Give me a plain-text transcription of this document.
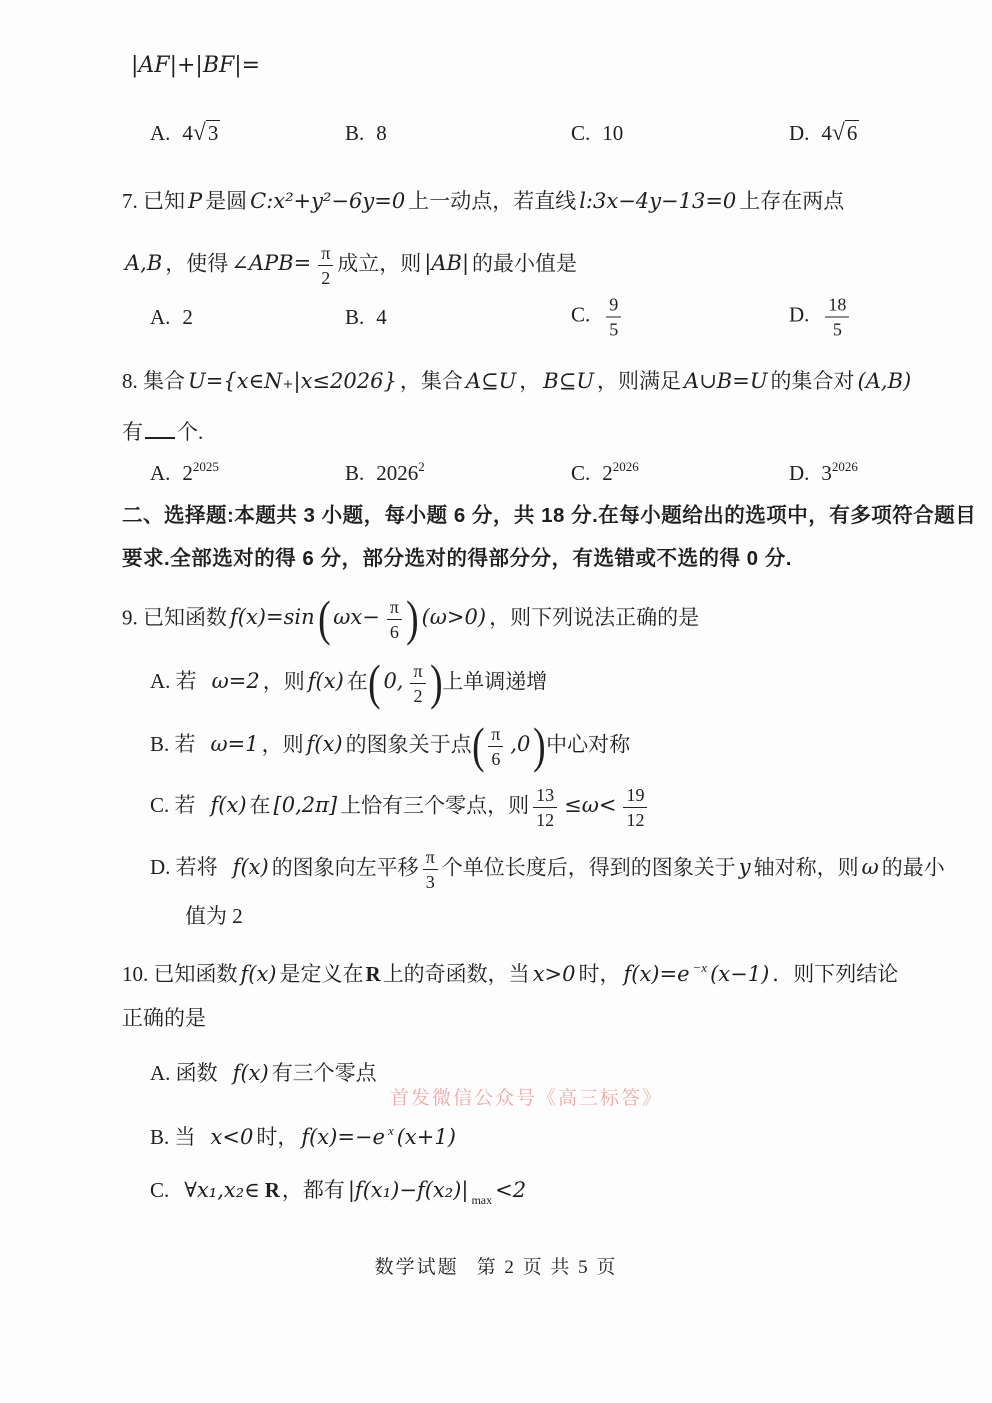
|AF|+|BF|=
A. 4√3	B. 8	C. 10	D. 4√6
7. 已知 P 是圆 C:x²+y²−6y=0 上一动点，若直线 l:3x−4y−13=0 上存在两点
A,B ，使得 ∠APB= $\frac{\pi}{2}$ 成立，则 |AB| 的最小值是
A. 2	B. 4	C. $\frac{9}{5}$	D. $\frac{18}{5}$
8. 集合 U={x∈N₊|x≤2026} ，集合 A⊆U ， B⊆U ，则满足 A∪B=U 的集合对 (A,B)
有 个.
A. $2^{2025}$	B. 2026$^2$	C. $2^{2026}$	D. $3^{2026}$
二、选择题:本题共 3 小题，每小题 6 分，共 18 分.在每小题给出的选项中，有多项符合题目
要求.全部选对的得 6 分，部分选对的得部分分，有选错或不选的得 0 分.
9. 已知函数 f(x)=sin( $\omega x- \frac{\pi}{6}$ ) (ω>0) ，则下列说法正确的是
A. 若 ω=2 ，则 f(x) 在( 0, $\frac{\pi}{2}$ )上单调递增
B. 若 ω=1 ，则 f(x) 的图象关于点( $\frac{\pi}{6} ,0$)中心对称
C. 若 f(x) 在 [0,2π] 上恰有三个零点，则 $\frac{13}{12} \le\omega< \frac{19}{12}$
D. 若将 f(x) 的图象向左平移 $\frac{\pi}{3}$ 个单位长度后，得到的图象关于 y 轴对称，则 ω 的最小
值为 2
10. 已知函数 f(x) 是定义在R上的奇函数，当 x>0 时， f(x)=e $^{-x}$ (x−1) ．则下列结论
正确的是
A. 函数 f(x) 有三个零点
首发微信公众号《高三标答》
B. 当 x<0 时， f(x)=−e $^x$ (x+1)
C. ∀x₁,x₂∈ R，都有 |f(x₁)−f(x₂)| $_{max}$ <2
数学试题 第 2 页 共 5 页
